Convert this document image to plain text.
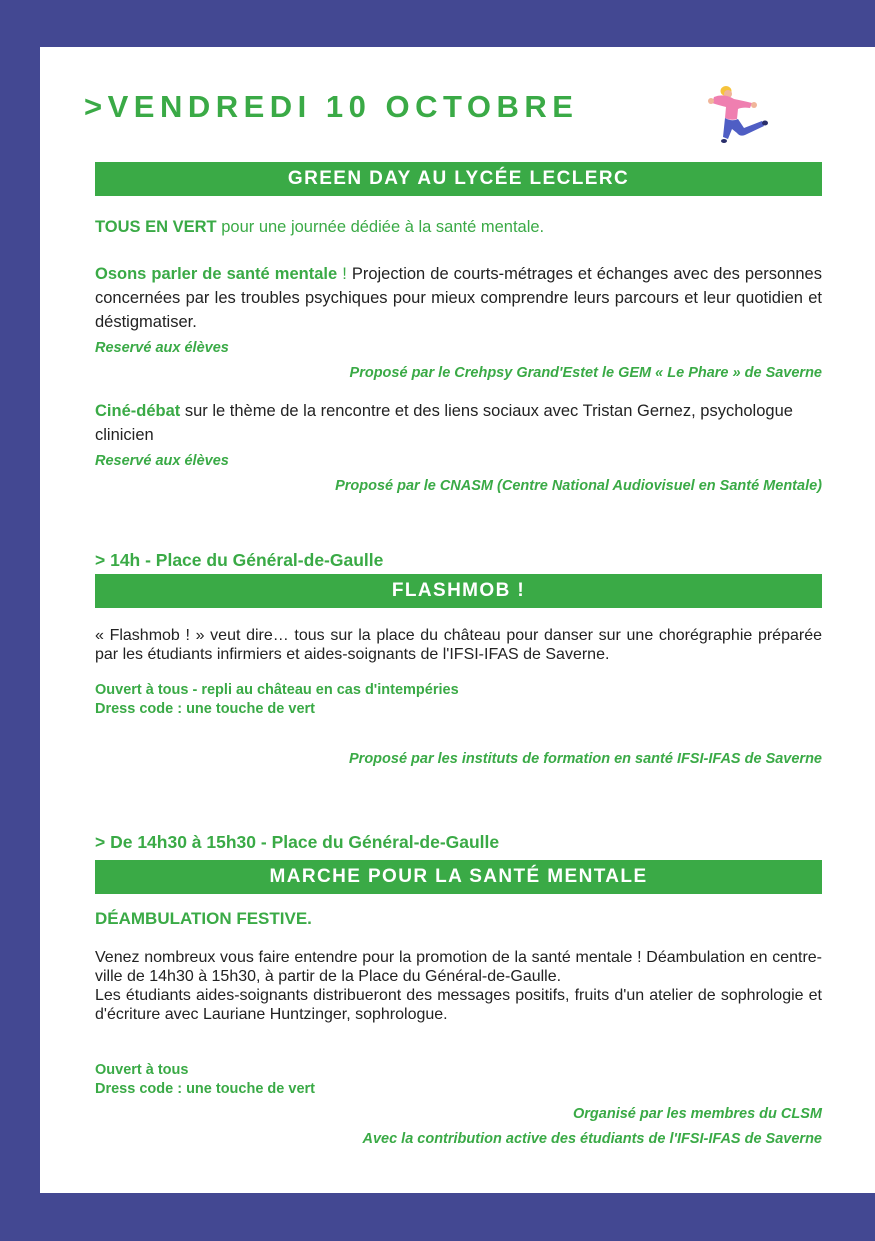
>VENDREDI 10 OCTOBRE
GREEN DAY AU LYCÉE LECLERC
TOUS EN VERT pour une journée dédiée à la santé mentale.
Osons parler de santé mentale ! Projection de courts-métrages et échanges avec des personnes concernées par les troubles psychiques pour mieux comprendre leurs parcours et leur quotidien et déstigmatiser.
Reservé aux élèves
Proposé par le Crehpsy Grand'Estet le GEM « Le Phare » de Saverne
Ciné-débat sur le thème de la rencontre et des liens sociaux avec Tristan Gernez, psychologue clinicien
Reservé aux élèves
Proposé par le CNASM (Centre National Audiovisuel en Santé Mentale)
> 14h - Place du Général-de-Gaulle
FLASHMOB !
« Flashmob ! » veut dire… tous sur la place du château pour danser sur une chorégraphie préparée par les étudiants infirmiers et aides-soignants de l'IFSI-IFAS de Saverne.
Ouvert à tous - repli au château en cas d'intempéries
Dress code : une touche de vert
Proposé par les instituts de formation en santé IFSI-IFAS de Saverne
> De 14h30 à 15h30 - Place du Général-de-Gaulle
MARCHE POUR LA SANTÉ MENTALE
DÉAMBULATION FESTIVE.
Venez nombreux vous faire entendre pour la promotion de la santé mentale ! Déambulation en centre-ville de 14h30 à 15h30, à partir de la Place du Général-de-Gaulle.
Les étudiants aides-soignants distribueront des messages positifs, fruits d'un atelier de sophrologie et d'écriture avec Lauriane Huntzinger, sophrologue.
Ouvert à tous
Dress code : une touche de vert
Organisé par les membres du CLSM
Avec la contribution active des étudiants de l'IFSI-IFAS de Saverne
